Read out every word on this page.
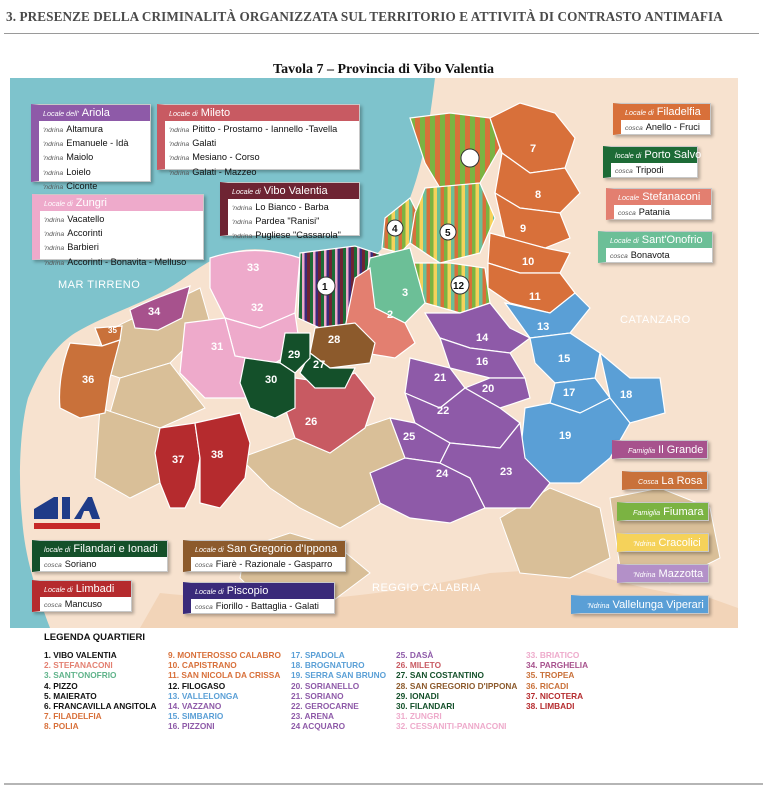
3. PRESENZE DELLA CRIMINALITÀ ORGANIZZATA SUL TERRITORIO E ATTIVITÀ DI CONTRASTO ANTIMAFIA
Tavola 7 – Provincia di Vibo Valentia
7
8
9
10
11
13
15
17	18
19
14
16
20
21
22
23
24
25
26
27
28
29
30
31
32
33
34
35
36
37 38
2
3
1
4	5
12
MAR TIRRENO
CATANZARO
REGGIO CALABRIA
Locale dell' Ariola
'ndrina Altamura
'ndrina Emanuele - Idà
'ndrina Maiolo
'ndrina Loielo
'ndrina Ciconte
Locale di Mileto
'ndrina Pititto - Prostamo - Iannello -Tavella
'ndrina Galati
'ndrina Mesiano - Corso
'ndrina Galati - Mazzeo
Locale di Vibo Valentia
'ndrina Lo Bianco - Barba
'ndrina Pardea "Ranisi"
'ndrina Pugliese "Cassarola"
Locale di Zungri
'ndrina Vacatello
'ndrina Accorinti
'ndrina Barbieri
'ndrina Accorinti - Bonavita - Melluso
Locale di Filadelfia
cosca Anello - Fruci
locale di Porto Salvo
cosca Tripodi
Locale Stefanaconi
cosca Patania
Locale di Sant'Onofrio
cosca Bonavota
locale di Filandari e Ionadi
cosca Soriano
Locale di San Gregorio d'Ippona
cosca Fiarè - Razionale - Gasparro
Locale di Limbadi
cosca Mancuso
Locale di Piscopio
cosca Fiorillo - Battaglia - Galati
Famiglia Il Grande
Cosca La Rosa
Famiglia Fiumara
'Ndrina Cracolici
'Ndrina Mazzotta
'Ndrina Vallelunga Viperari
LEGENDA QUARTIERI
1. VIBO VALENTIA
2. STEFANACONI
3. SANT'ONOFRIO
4. PIZZO
5. MAIERATO
6. FRANCAVILLA ANGITOLA
7. FILADELFIA
8. POLIA
9. MONTEROSSO CALABRO
10. CAPISTRANO
11. SAN NICOLA DA CRISSA
12. FILOGASO
13. VALLELONGA
14. VAZZANO
15. SIMBARIO
16. PIZZONI
17. SPADOLA
18. BROGNATURO
19. SERRA SAN BRUNO
20. SORIANELLO
21. SORIANO
22. GEROCARNE
23. ARENA
24 ACQUARO
25. DASÀ
26. MILETO
27. SAN COSTANTINO
28. SAN GREGORIO D'IPPONA
29. IONADI
30. FILANDARI
31. ZUNGRI
32. CESSANITI-PANNACONI
33. BRIATICO
34. PARGHELIA
35. TROPEA
36. RICADI
37. NICOTERA
38. LIMBADI
